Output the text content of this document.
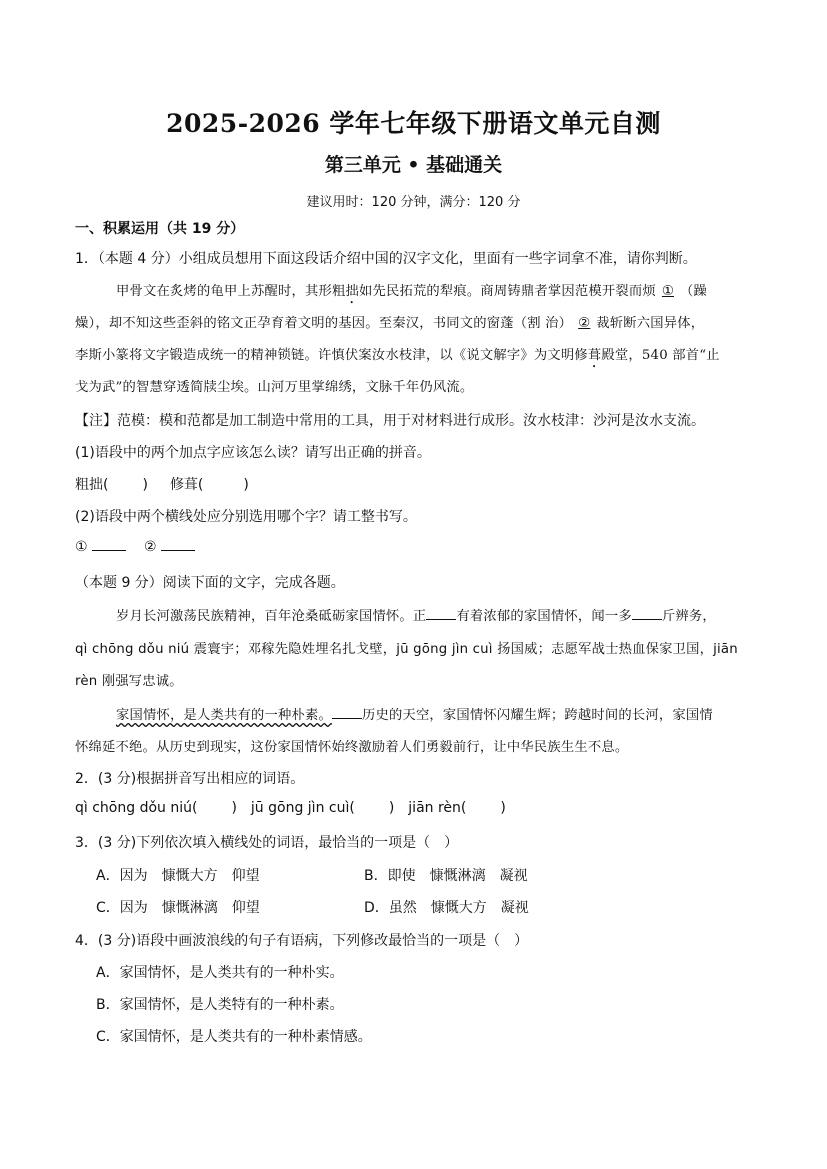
2025-2026 学年七年级下册语文单元自测
第三单元 • 基础通关
建议用时：120 分钟，满分：120 分
一、积累运用（共 19 分）
1．（本题 4 分）小组成员想用下面这段话介绍中国的汉字文化，里面有一些字词拿不准，请你判断。
甲骨文在炙烤的龟甲上苏醒时，其形粗拙如先民拓荒的犁痕。商周铸鼎者掌因范模开裂而烦 ① （躁
燥），却不知这些歪斜的铭文正孕育着文明的基因。至秦汉，书同文的窗蓬（割 治） ② 裁斩断六国异体，
李斯小篆将文字锻造成统一的精神锁链。许慎伏案汝水枝津，以《说文解字》为文明修葺殿堂，540 部首“止
戈为武”的智慧穿透简牍尘埃。山河万里掌绵绣，文脉千年仍风流。
【注】范模：模和范都是加工制造中常用的工具，用于对材料进行成形。汝水枝津：沙河是汝水支流。
(1)语段中的两个加点字应该怎么读？请写出正确的拼音。
粗拙( ) 修葺(	)
(2)语段中两个横线处应分别选用哪个字？请工整书写。
①	②
（本题 9 分）阅读下面的文字，完成各题。
岁月长河激荡民族精神，百年沧桑砥砺家国情怀。正 有着浓郁的家国情怀，闻一多 斤辨务，
qì chōng dǒu niú 震寰宇；邓稼先隐姓埋名扎戈壁，jū gōng jìn cuì 扬国威；志愿军战士热血保家卫国，jiān
rèn 刚强写忠诚。
家国情怀，是人类共有的一种朴素。 历史的天空，家国情怀闪耀生辉；跨越时间的长河，家国情
怀绵延不绝。从历史到现实，这份家国情怀始终激励着人们勇毅前行，让中华民族生生不息。
2．(3 分)根据拼音写出相应的词语。
qì chōng dǒu niú( ) jū gōng jìn cuì( ) jiān rèn( )
3．(3 分)下列依次填入横线处的词语，最恰当的一项是（　）
A．因为　慷慨大方　仰望	B．即使　慷慨淋漓　凝视
C．因为　慷慨淋漓　仰望	D．虽然　慷慨大方　凝视
4．(3 分)语段中画波浪线的句子有语病，下列修改最恰当的一项是（　）
A．家国情怀，是人类共有的一种朴实。
B．家国情怀，是人类特有的一种朴素。
C．家国情怀，是人类共有的一种朴素情感。
